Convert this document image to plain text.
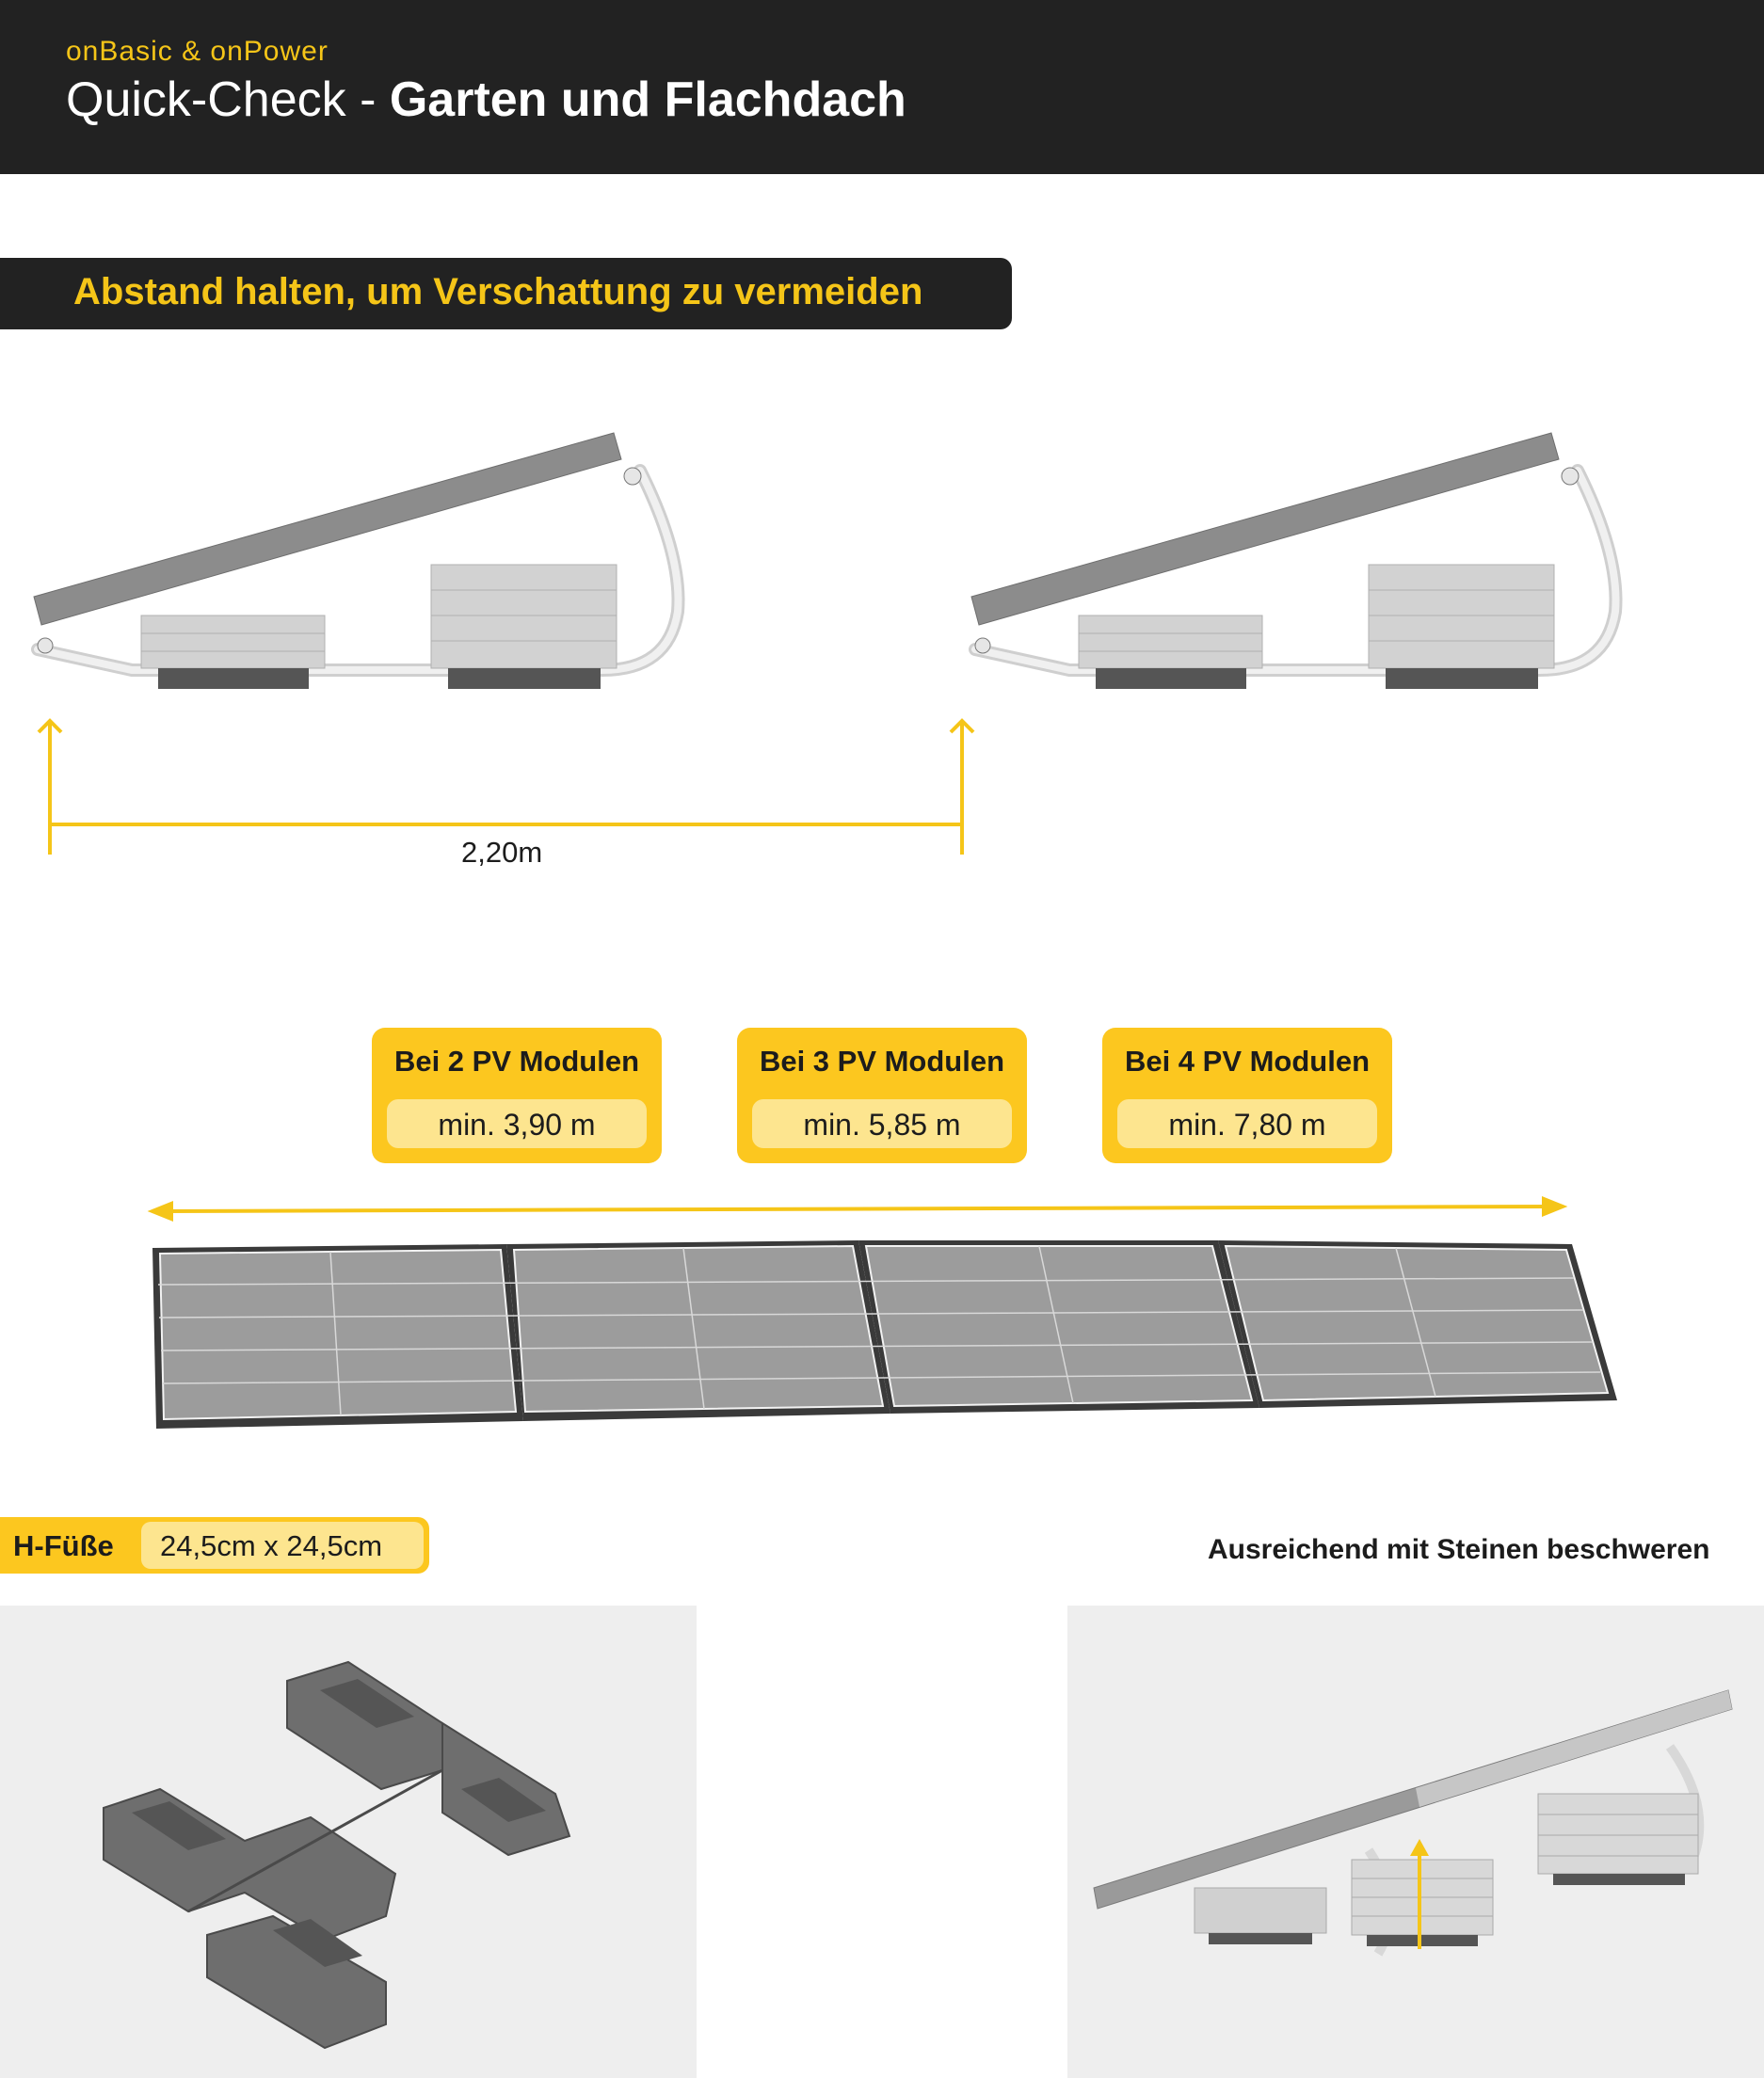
onBasic & onPower
Quick-Check - Garten und Flachdach
Abstand halten, um Verschattung zu vermeiden
2,20m
Bei 2 PV Modulen
min. 3,90 m
Bei 3 PV Modulen
min. 5,85 m
Bei 4 PV Modulen
min. 7,80 m
H-Füße 24,5cm x 24,5cm	Ausreichend mit Steinen beschweren
